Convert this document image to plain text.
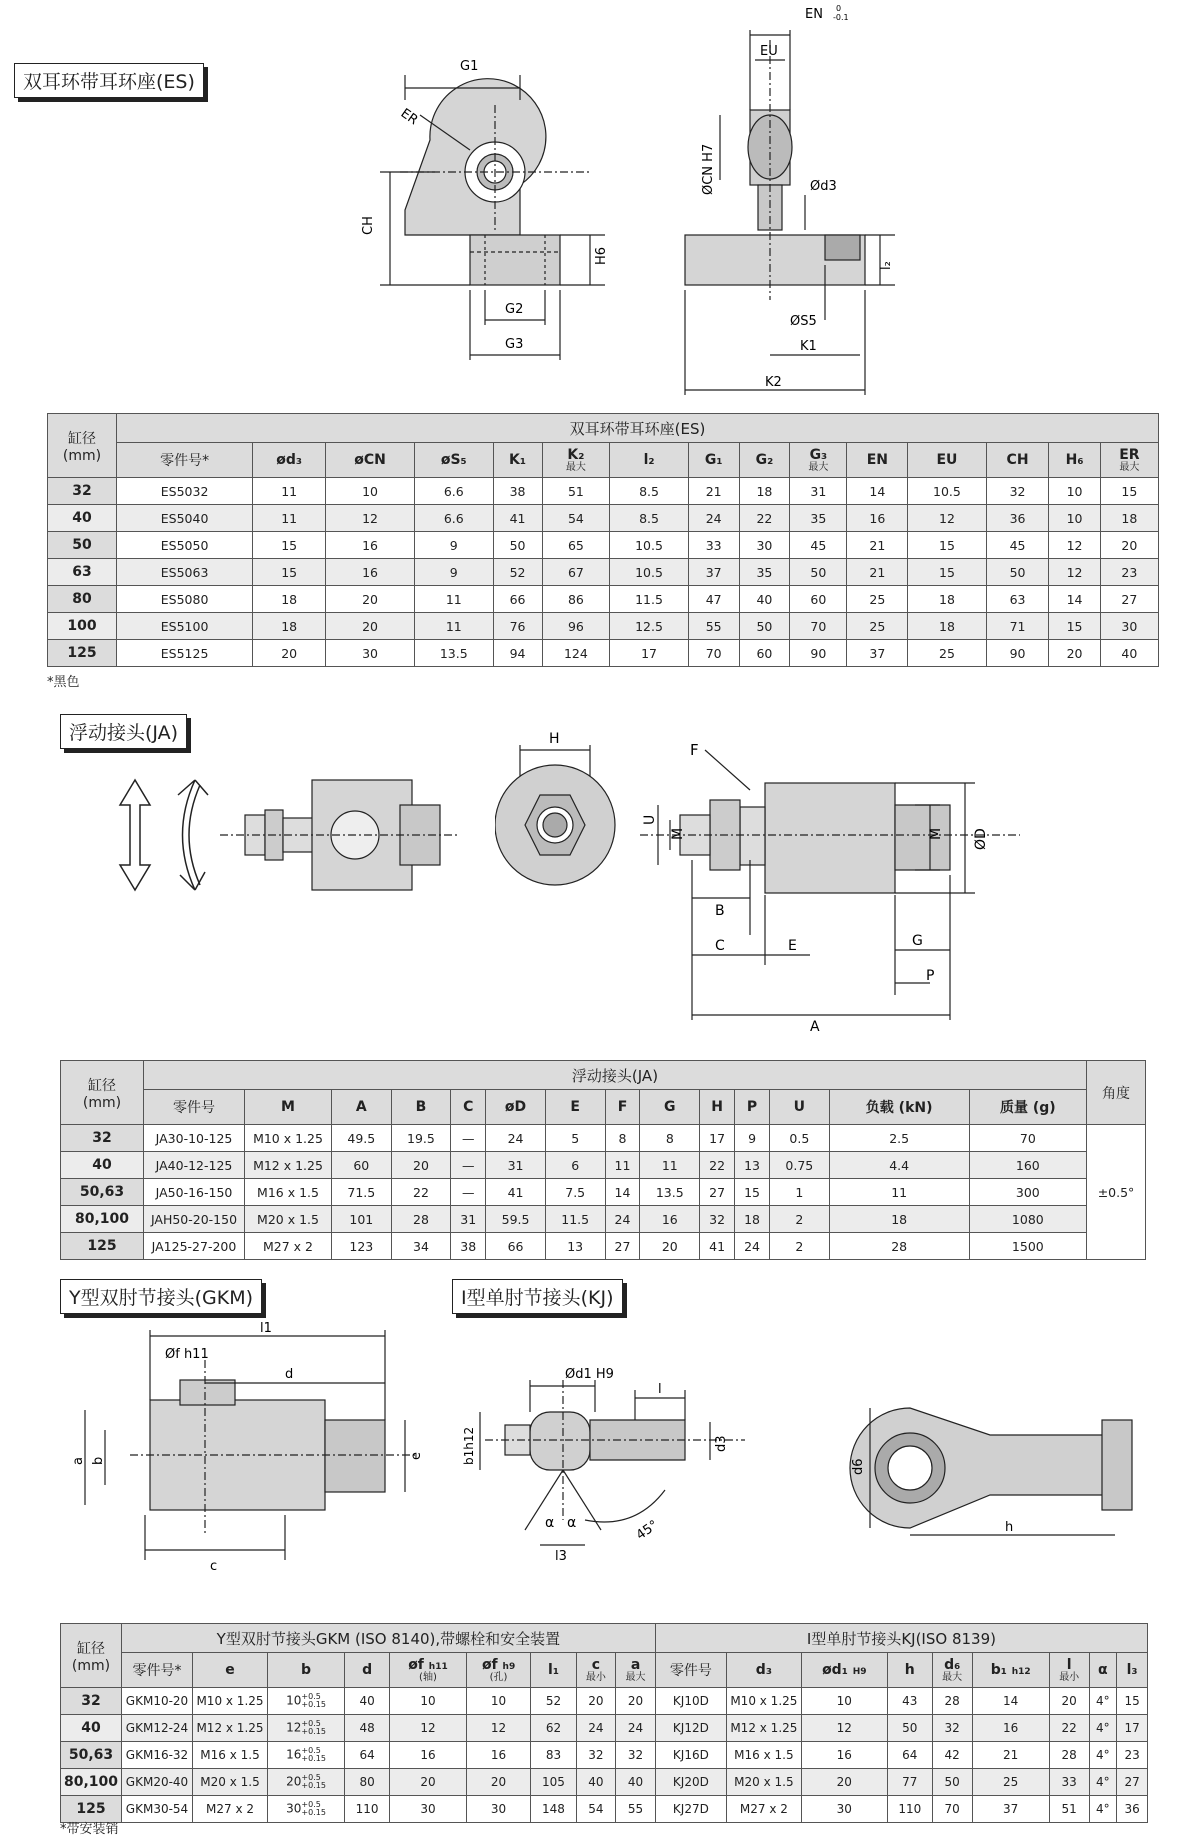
双耳环带耳环座(ES)
G1
ER
CH
H6
G2
G3
EN 0
-0.1
EU
ØCN H7	Ød3
l₂
ØS5
K1
K2
缸径
(mm)	双耳环带耳环座(ES)														
	零件号*	ød₃	øCN	øS₅	K₁	K₂
最大	l₂	G₁	G₂	G₃
最大	EN	EU	CH	H₆	ER
最大

32	ES5032	11	10	6.6	38	51	8.5	21	18	31	14	10.5	32	10	15
40	ES5040	11	12	6.6	41	54	8.5	24	22	35	16	12	36	10	18
50	ES5050	15	16	9	50	65	10.5	33	30	45	21	15	45	12	20
63	ES5063	15	16	9	52	67	10.5	37	35	50	21	15	50	12	23
80	ES5080	18	20	11	66	86	11.5	47	40	60	25	18	63	14	27
100	ES5100	18	20	11	76	96	12.5	55	50	70	25	18	71	15	30
125	ES5125	20	30	13.5	94	124	17	70	60	90	37	25	90	20	40
*黑色
浮动接头(JA)	H
F
U
M	M ØD
B
C	E	G
P
A
缸径
(mm)	浮动接头(JA)														角度
	零件号	M	A	B	C	øD	E	F	G	H	P	U	负载 (kN)	质量 (g)	
32	JA30-10-125	M10 x 1.25	49.5	19.5	—	24	5	8	8	17	9	0.5	2.5	70	±0.5°
40	JA40-12-125	M12 x 1.25	60	20	—	31	6	11	11	22	13	0.75	4.4	160	
50,63	JA50-16-150	M16 x 1.5	71.5	22	—	41	7.5	14	13.5	27	15	1	11	300	
80,100	JAH50-20-150	M20 x 1.5	101	28	31	59.5	11.5	24	16	32	18	2	18	1080	
125	JA125-27-200	M27 x 2	123	34	38	66	13	27	20	41	24	2	28	1500	
Y型双肘节接头(GKM)	I型单肘节接头(KJ)
l1
Øf h11
d
a b
e
c
Ød1 H9
l
b1h12	d3
α α
l3
45°
d6
h
缸径
(mm)	Y型双肘节接头GKM (ISO 8140),带螺栓和安全装置									I型单肘节接头KJ(ISO 8139)								
	零件号*	e	b	d	øf h11
(轴)	øf h9
(孔)	l₁	c
最小	a
最大	零件号	d₃	ød₁ H9	h	d₆
最大	b₁ h12	l
最小	α	l₃
32	GKM10-20	M10 x 1.25	10 +0.5
+0.15	40	10	10	52	20	20	KJ10D	M10 x 1.25	10	43	28	14	20	4°	15
40	GKM12-24	M12 x 1.25	12 +0.5
+0.15	48	12	12	62	24	24	KJ12D	M12 x 1.25	12	50	32	16	22	4°	17
50,63	GKM16-32	M16 x 1.5	16 +0.5
+0.15	64	16	16	83	32	32	KJ16D	M16 x 1.5	16	64	42	21	28	4°	23
80,100	GKM20-40	M20 x 1.5	20 +0.5
+0.15	80	20	20	105	40	40	KJ20D	M20 x 1.5	20	77	50	25	33	4°	27
125	GKM30-54	M27 x 2	30 +0.5
+0.15	110	30	30	148	54	55	KJ27D	M27 x 2	30	110	70	37	51	4°	36
*带安装销
